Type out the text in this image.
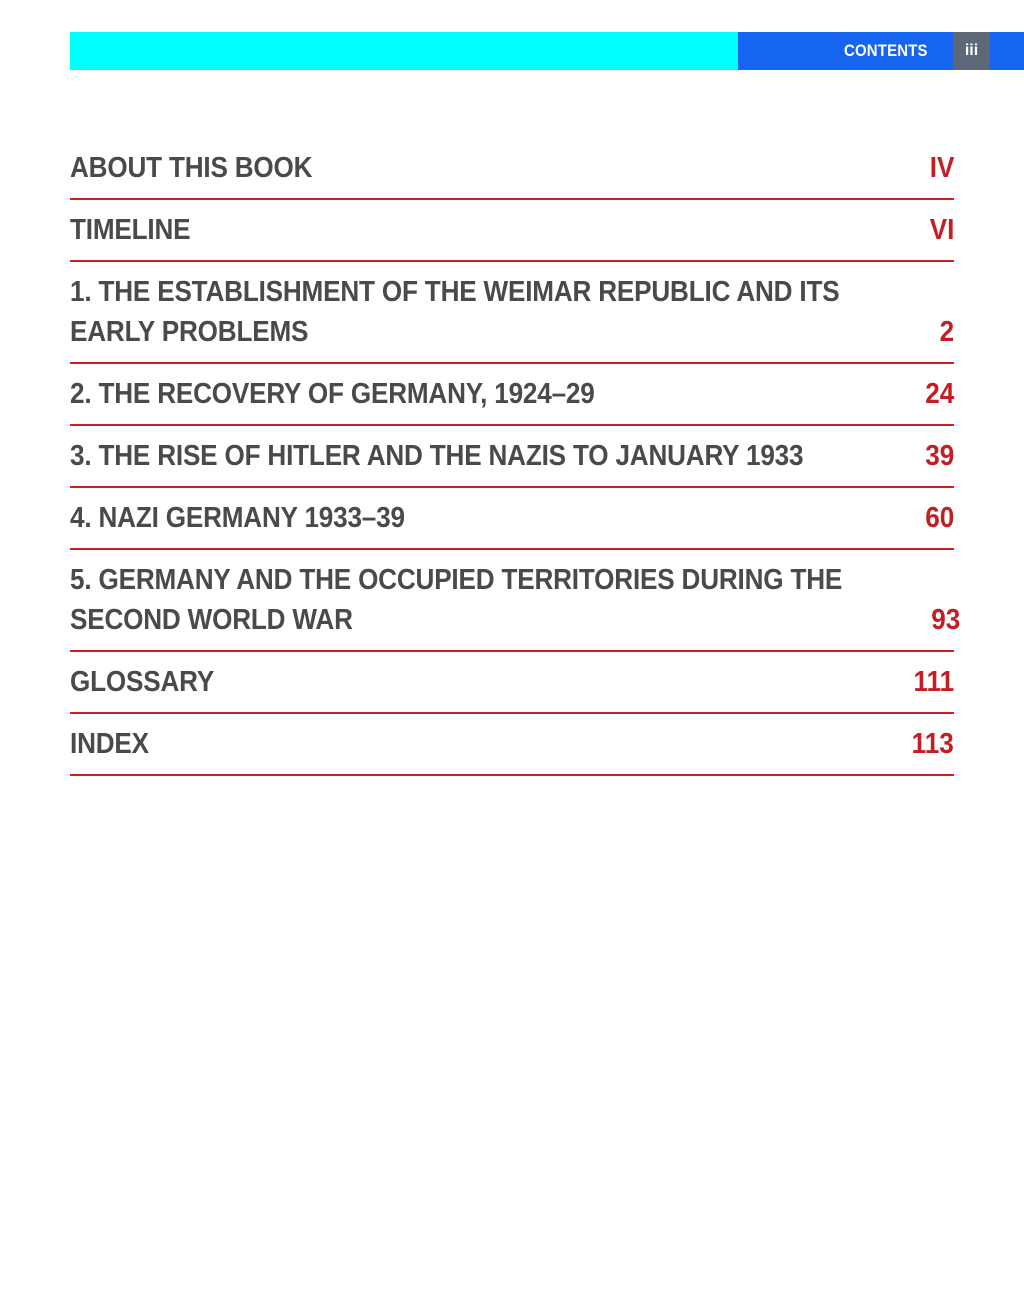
CONTENTS	iii
ABOUT THIS BOOK	IV
TIMELINE	VI
1. THE ESTABLISHMENT OF THE WEIMAR REPUBLIC AND ITS
EARLY PROBLEMS	2
2. THE RECOVERY OF GERMANY, 1924–29	24
3. THE RISE OF HITLER AND THE NAZIS TO JANUARY 1933	39
4. NAZI GERMANY 1933–39	60
5. GERMANY AND THE OCCUPIED TERRITORIES DURING THE
SECOND WORLD WAR	93
GLOSSARY	111
INDEX	113
